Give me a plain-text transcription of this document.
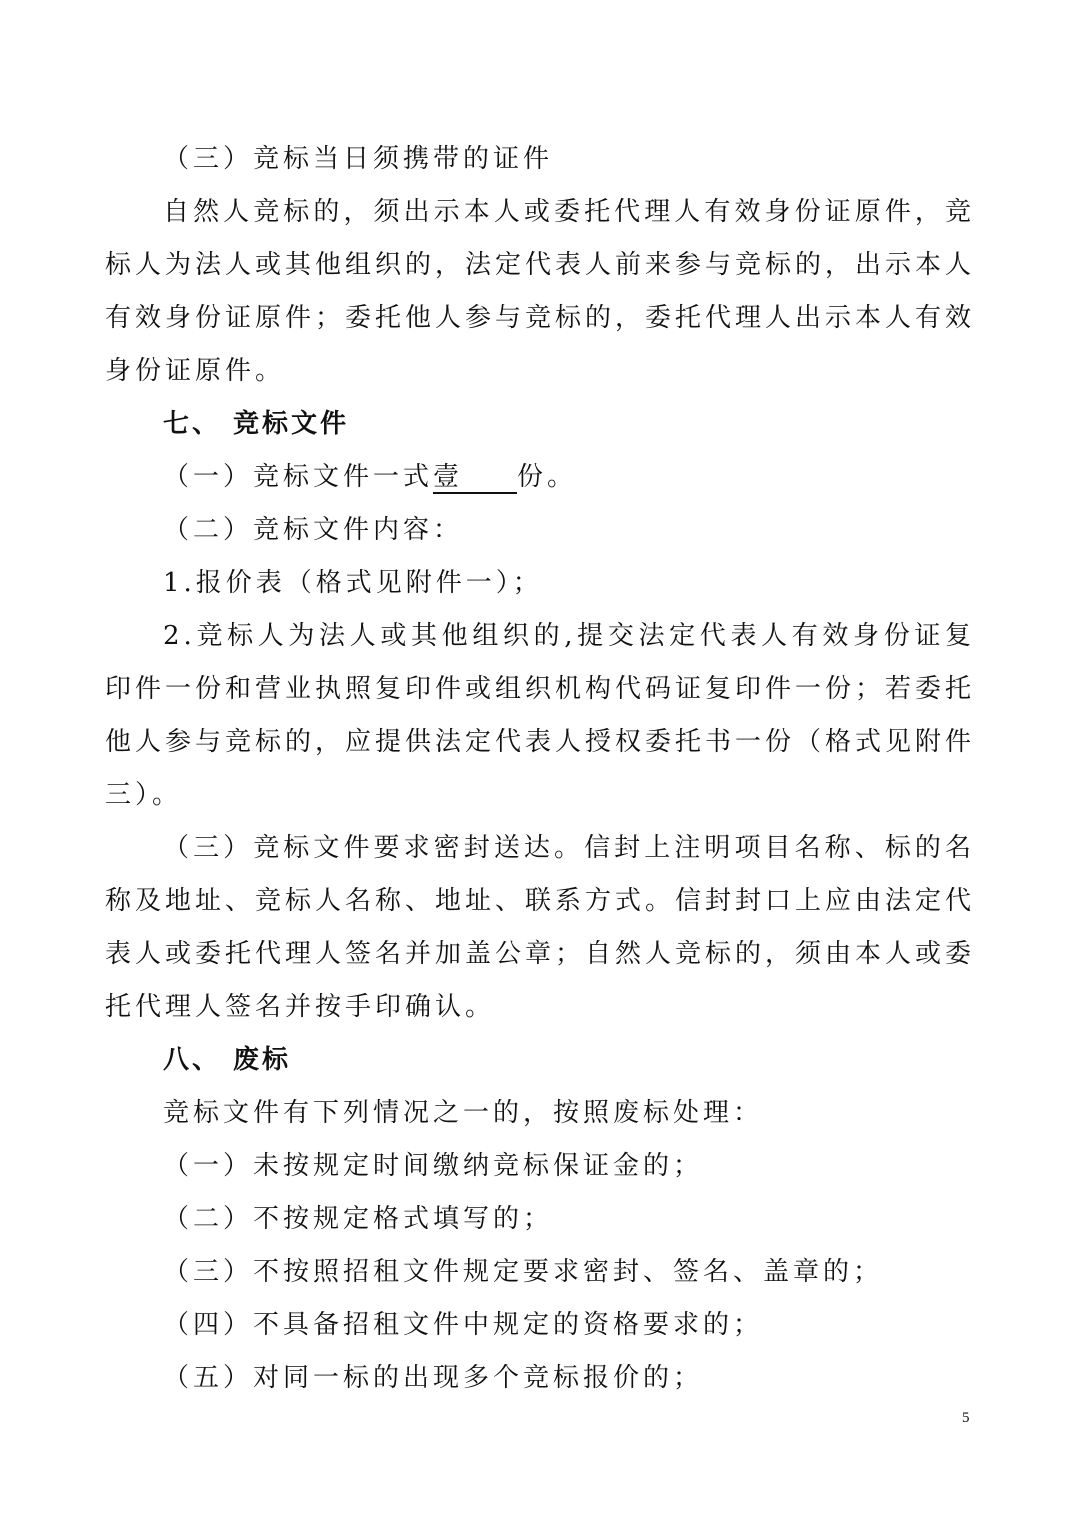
（三）竞标当日须携带的证件

自然人竞标的，须出示本人或委托代理人有效身份证原件，竞标人为法人或其他组织的，法定代表人前来参与竞标的，出示本人有效身份证原件；委托他人参与竞标的，委托代理人出示本人有效身份证原件。

七、 竞标文件

（一）竞标文件一式壹 份。

（二）竞标文件内容：

1.报价表（格式见附件一）；

2.竞标人为法人或其他组织的,提交法定代表人有效身份证复印件一份和营业执照复印件或组织机构代码证复印件一份；若委托他人参与竞标的，应提供法定代表人授权委托书一份（格式见附件三）。

（三）竞标文件要求密封送达。信封上注明项目名称、标的名称及地址、竞标人名称、地址、联系方式。信封封口上应由法定代表人或委托代理人签名并加盖公章；自然人竞标的，须由本人或委托代理人签名并按手印确认。

八、 废标

竞标文件有下列情况之一的，按照废标处理：

（一）未按规定时间缴纳竞标保证金的；

（二）不按规定格式填写的；

（三）不按照招租文件规定要求密封、签名、盖章的；

（四）不具备招租文件中规定的资格要求的；

（五）对同一标的出现多个竞标报价的；

5
